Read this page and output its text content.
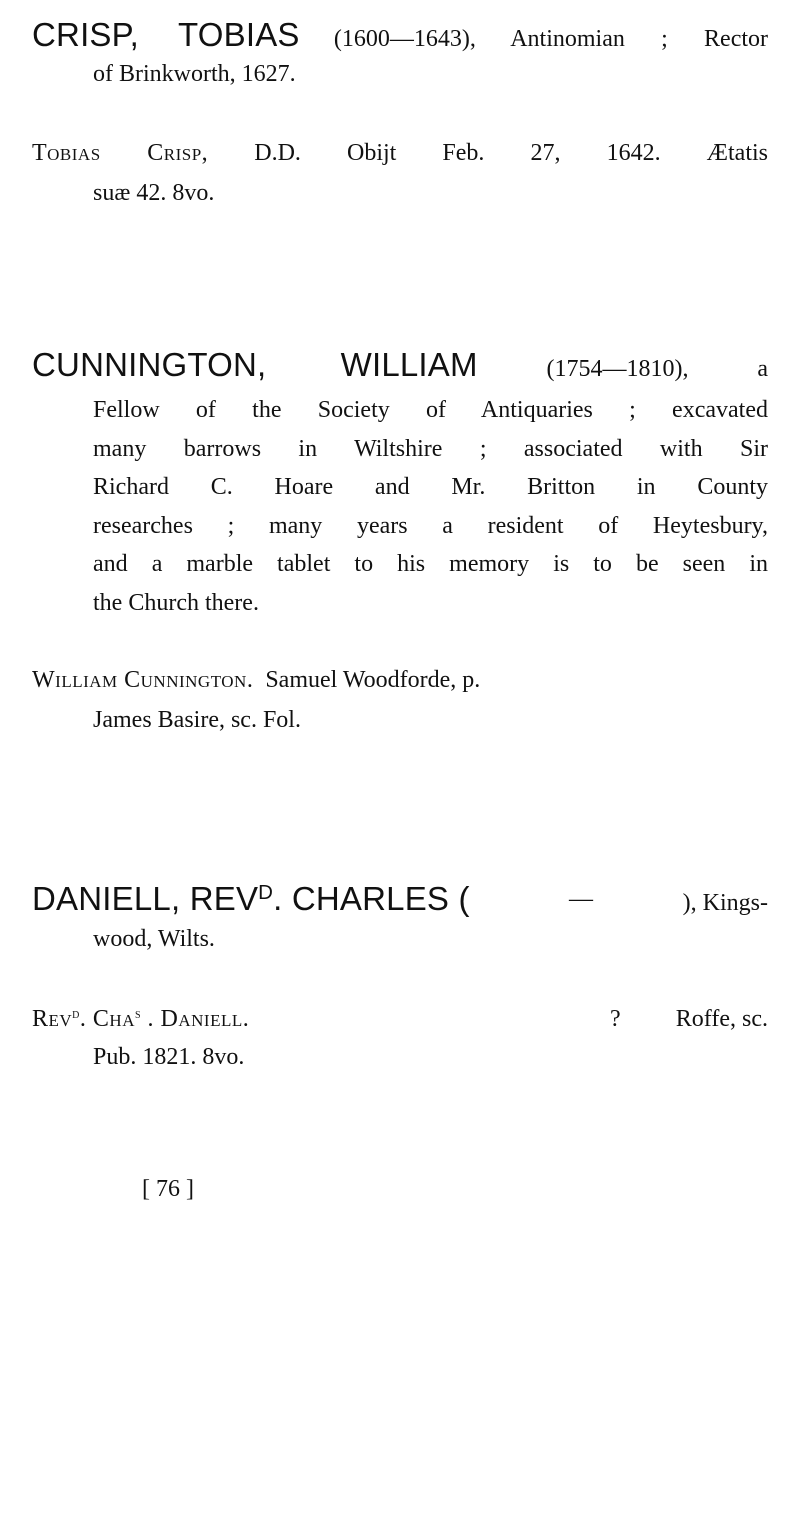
CRISP, TOBIAS (1600—1643), Antinomian ; Rector
of Brinkworth, 1627.
Tobias Crisp, D.D. Obijt Feb. 27, 1642. Ætatis
suæ 42. 8vo.
CUNNINGTON, WILLIAM	(1754—1810),	a
Fellow of the Society of Antiquaries ; excavated
many barrows in Wiltshire ; associated with Sir
Richard C. Hoare and Mr. Britton in County
researches ; many years a resident of Heytesbury,
and a marble tablet to his memory is to be seen in
the Church there.
William Cunnington. Samuel Woodforde, p.
James Basire, sc. Fol.
DANIELL, $REV^D$. CHARLES (	—	), Kings-
wood, Wilts.
Rev$^d$. Cha$^s$ . Daniell.	? Roffe, sc.
Pub. 1821. 8vo.
[ 76 ]
